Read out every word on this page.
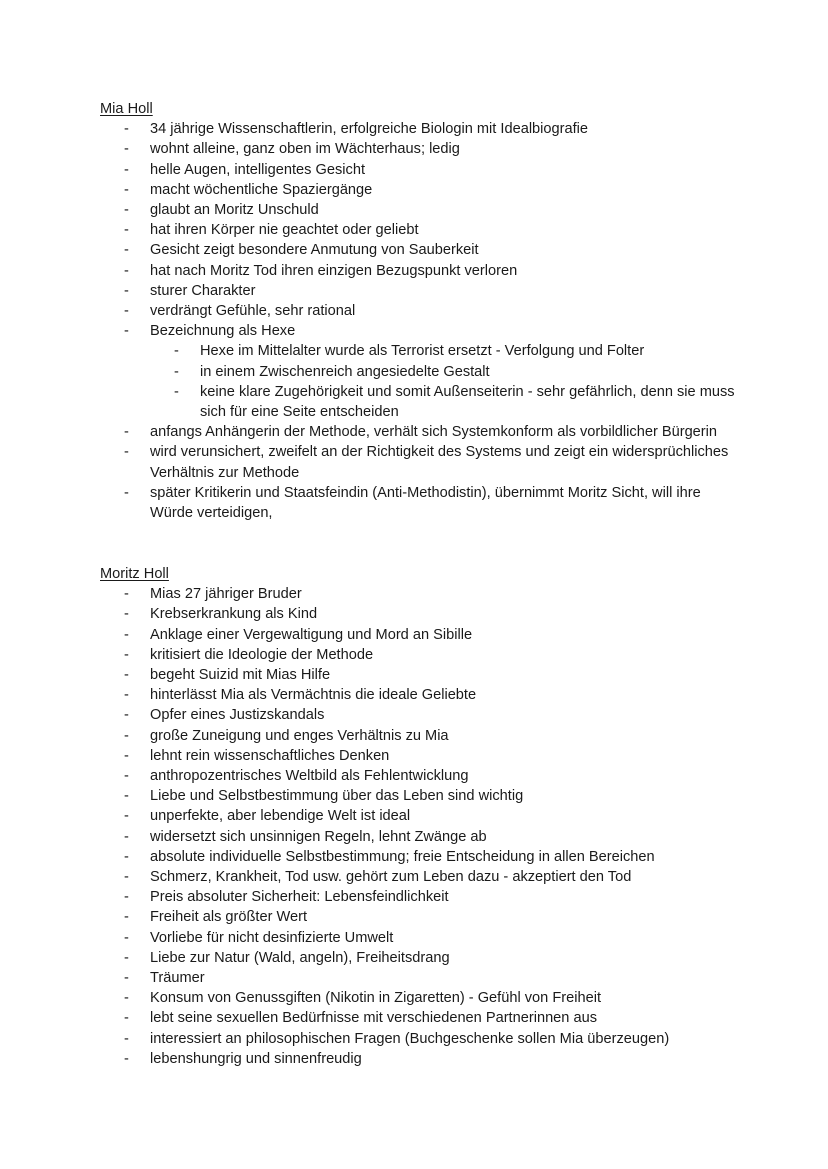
Mia Holl
- 34 jährige Wissenschaftlerin, erfolgreiche Biologin mit Idealbiografie
- wohnt alleine, ganz oben im Wächterhaus; ledig
- helle Augen, intelligentes Gesicht
- macht wöchentliche Spaziergänge
- glaubt an Moritz Unschuld
- hat ihren Körper nie geachtet oder geliebt
- Gesicht zeigt besondere Anmutung von Sauberkeit
- hat nach Moritz Tod ihren einzigen Bezugspunkt verloren
- sturer Charakter
- verdrängt Gefühle, sehr rational
- Bezeichnung als Hexe
- Hexe im Mittelalter wurde als Terrorist ersetzt - Verfolgung und Folter
- in einem Zwischenreich angesiedelte Gestalt
- keine klare Zugehörigkeit und somit Außenseiterin - sehr gefährlich, denn sie muss sich für eine Seite entscheiden
- anfangs Anhängerin der Methode, verhält sich Systemkonform als vorbildlicher Bürgerin
- wird verunsichert, zweifelt an der Richtigkeit des Systems und zeigt ein widersprüchliches Verhältnis zur Methode
- später Kritikerin und Staatsfeindin (Anti-Methodistin), übernimmt Moritz Sicht, will ihre Würde verteidigen,
Moritz Holl
- Mias 27 jähriger Bruder
- Krebserkrankung als Kind
- Anklage einer Vergewaltigung und Mord an Sibille
- kritisiert die Ideologie der Methode
- begeht Suizid mit Mias Hilfe
- hinterlässt Mia als Vermächtnis die ideale Geliebte
- Opfer eines Justizskandals
- große Zuneigung und enges Verhältnis zu Mia
- lehnt rein wissenschaftliches Denken
- anthropozentrisches Weltbild als Fehlentwicklung
- Liebe und Selbstbestimmung über das Leben sind wichtig
- unperfekte, aber lebendige Welt ist ideal
- widersetzt sich unsinnigen Regeln, lehnt Zwänge ab
- absolute individuelle Selbstbestimmung; freie Entscheidung in allen Bereichen
- Schmerz, Krankheit, Tod usw. gehört zum Leben dazu - akzeptiert den Tod
- Preis absoluter Sicherheit: Lebensfeindlichkeit
- Freiheit als größter Wert
- Vorliebe für nicht desinfizierte Umwelt
- Liebe zur Natur (Wald, angeln), Freiheitsdrang
- Träumer
- Konsum von Genussgiften (Nikotin in Zigaretten) - Gefühl von Freiheit
- lebt seine sexuellen Bedürfnisse mit verschiedenen Partnerinnen aus
- interessiert an philosophischen Fragen (Buchgeschenke sollen Mia überzeugen)
- lebenshungrig und sinnenfreudig
